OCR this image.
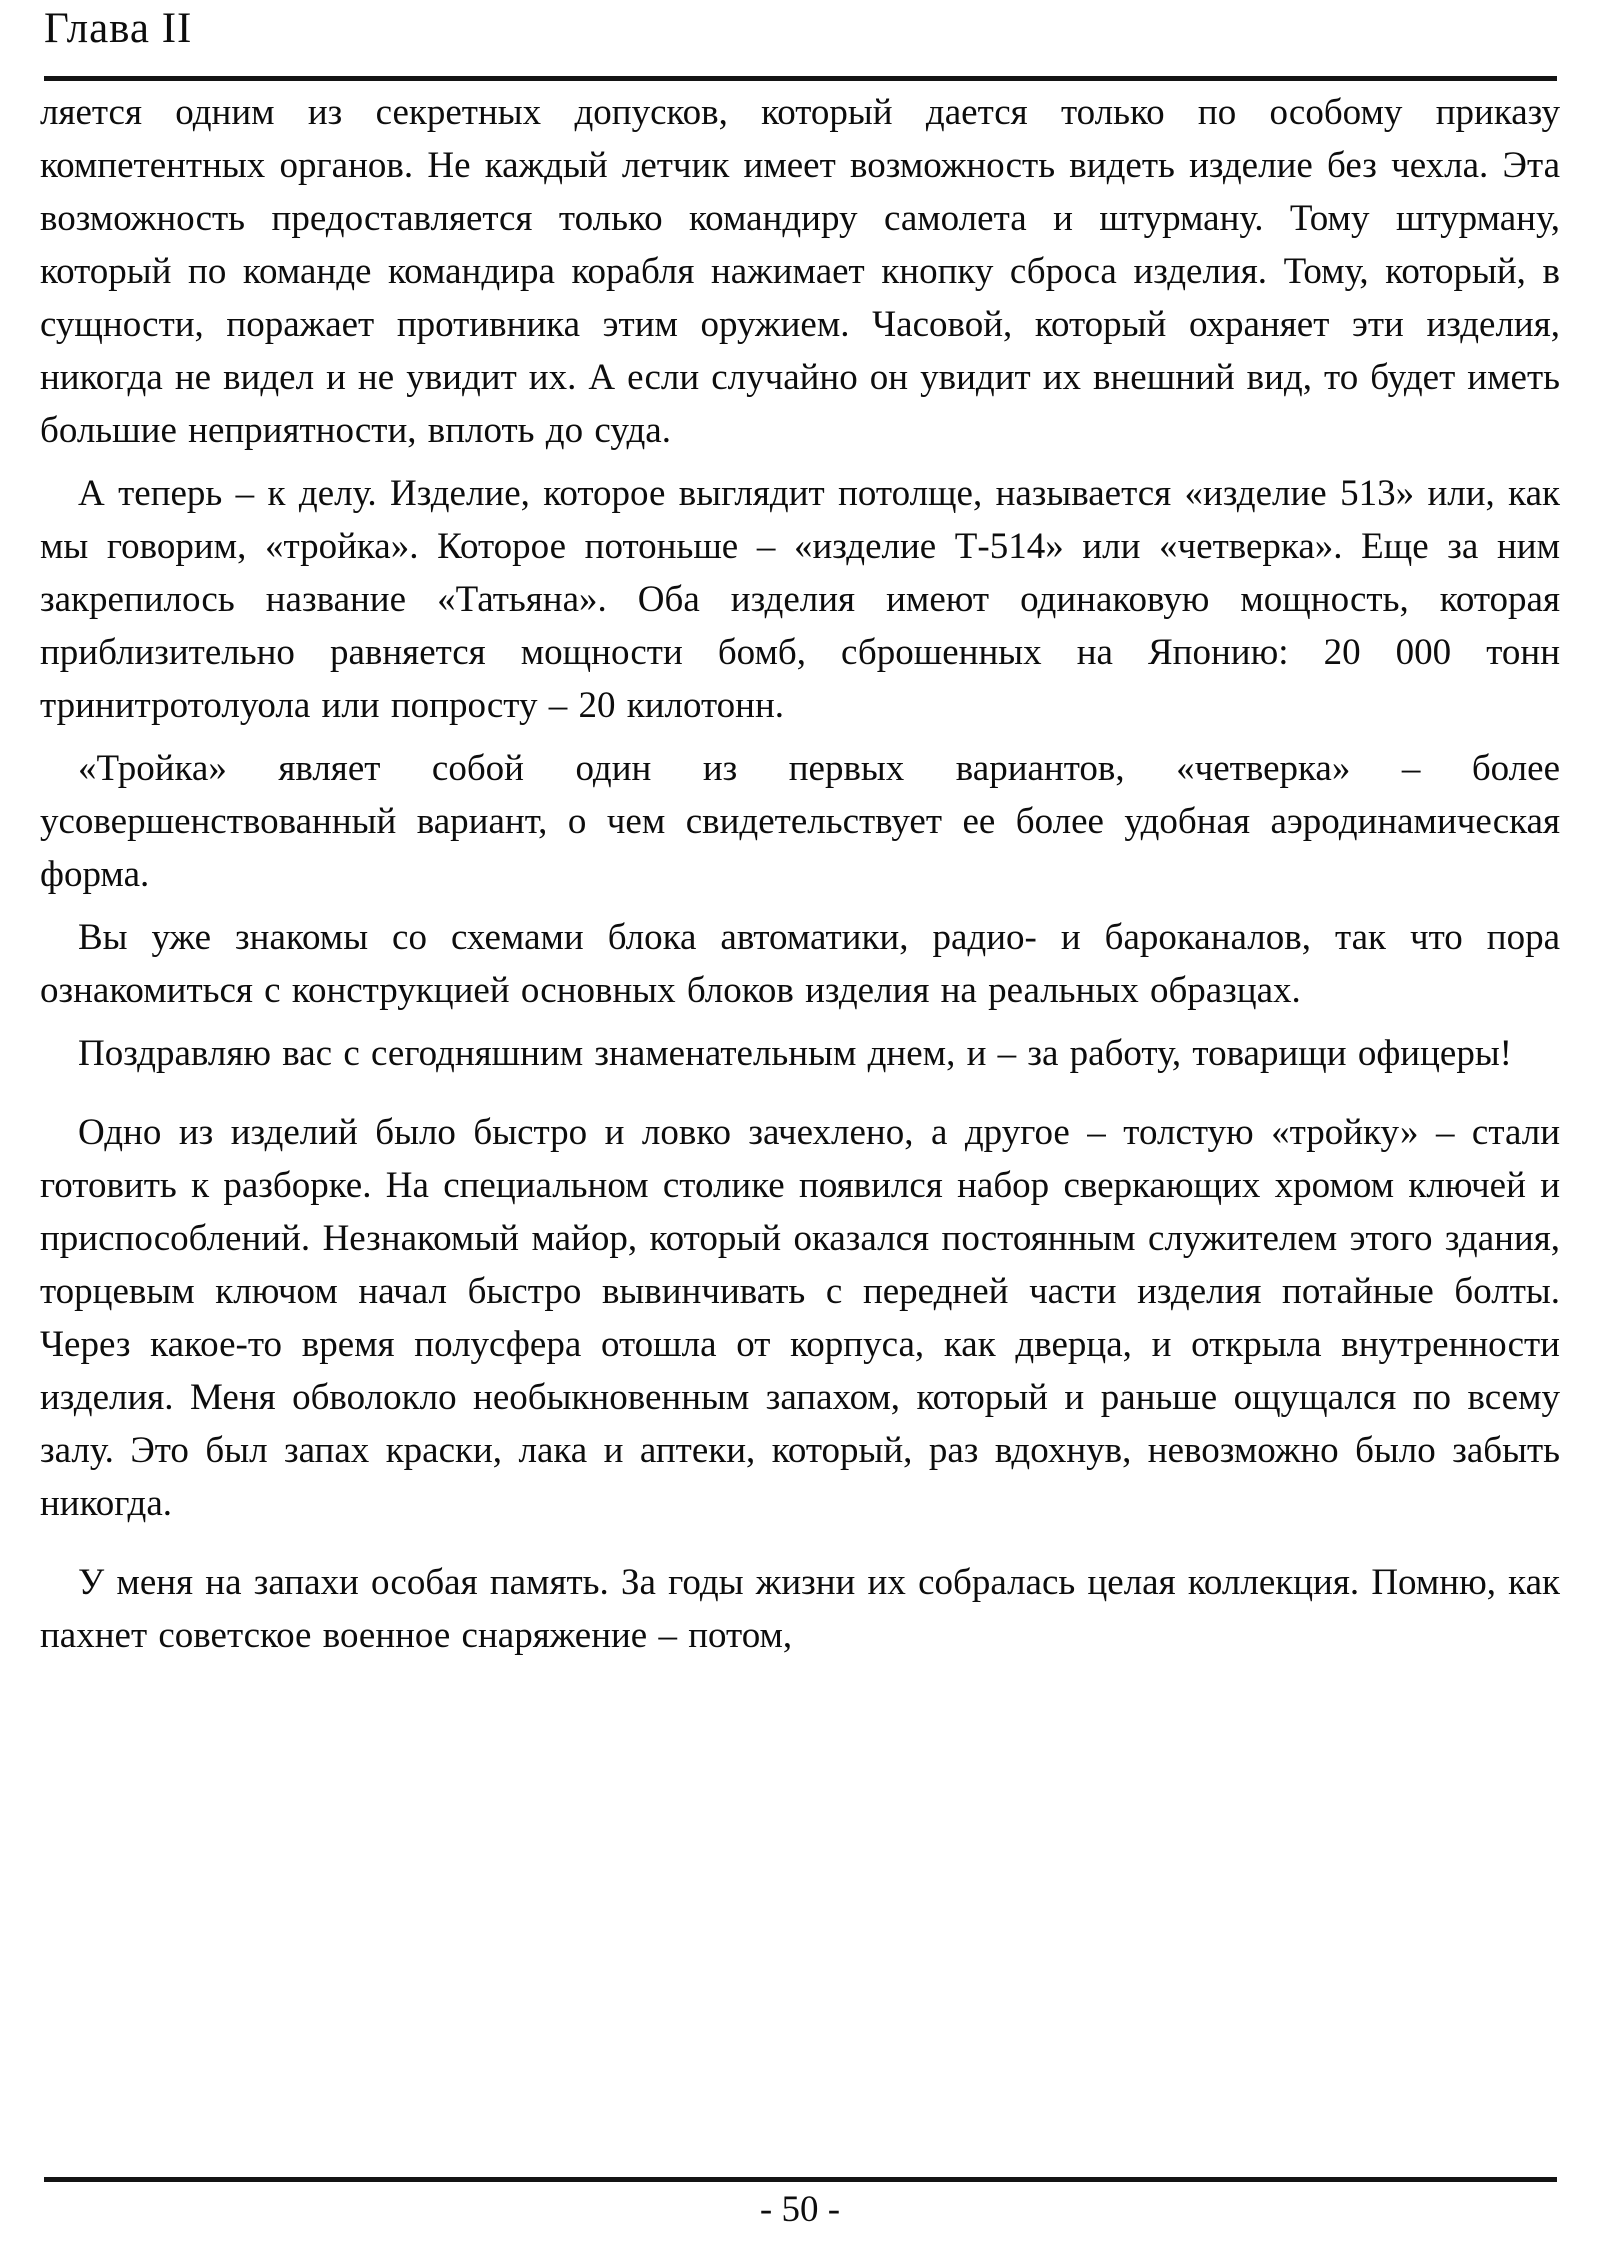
Глава II

ляется одним из секретных допусков, который дается только по особому приказу компетентных органов. Не каждый летчик имеет возможность видеть изделие без чехла. Эта возможность предоставляется только командиру самолета и штурману. Тому штурману, который по команде командира корабля нажимает кнопку сброса изделия. Тому, который, в сущности, поражает противника этим оружием. Часовой, который охраняет эти изделия, никогда не видел и не увидит их. А если случайно он увидит их внешний вид, то будет иметь большие неприятности, вплоть до суда.

А теперь – к делу. Изделие, которое выглядит потолще, называется «изделие 513» или, как мы говорим, «тройка». Которое потоньше – «изделие Т-514» или «четверка». Еще за ним закрепилось название «Татьяна». Оба изделия имеют одинаковую мощность, которая приблизительно равняется мощности бомб, сброшенных на Японию: 20 000 тонн тринитротолуола или попросту – 20 килотонн.

«Тройка» являет собой один из первых вариантов, «четверка» – более усовершенствованный вариант, о чем свидетельствует ее более удобная аэродинамическая форма.

Вы уже знакомы со схемами блока автоматики, радио- и бароканалов, так что пора ознакомиться с конструкцией основных блоков изделия на реальных образцах.

Поздравляю вас с сегодняшним знаменательным днем, и – за работу, товарищи офицеры!

Одно из изделий было быстро и ловко зачехлено, а другое – толстую «тройку» – стали готовить к разборке. На специальном столике появился набор сверкающих хромом ключей и приспособлений. Незнакомый майор, который оказался постоянным служителем этого здания, торцевым ключом начал быстро вывинчивать с передней части изделия потайные болты. Через какое-то время полусфера отошла от корпуса, как дверца, и открыла внутренности изделия. Меня обволокло необыкновенным запахом, который и раньше ощущался по всему залу. Это был запах краски, лака и аптеки, который, раз вдохнув, невозможно было забыть никогда.

У меня на запахи особая память. За годы жизни их собралась целая коллекция. Помню, как пахнет советское военное снаряжение – потом,

- 50 -
